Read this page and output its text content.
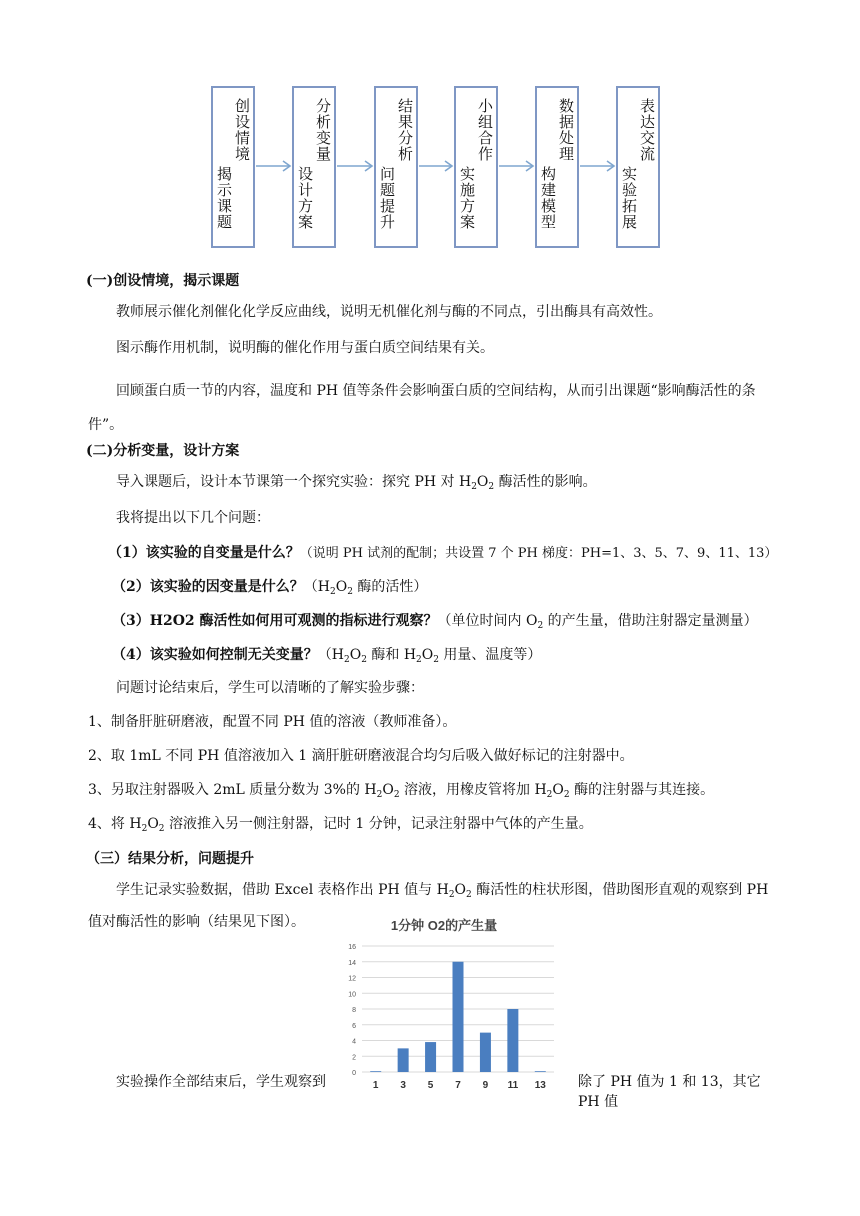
创设情境
揭示课题
分析变量
设计方案
结果分析
问题提升
小组合作
实施方案
数据处理
构建模型
表达交流
实验拓展
(一)创设情境，揭示课题
教师展示催化剂催化化学反应曲线，说明无机催化剂与酶的不同点，引出酶具有高效性。
图示酶作用机制，说明酶的催化作用与蛋白质空间结果有关。
回顾蛋白质一节的内容，温度和 PH 值等条件会影响蛋白质的空间结构，从而引出课题“影响酶活性的条件”。
(二)分析变量，设计方案
导入课题后，设计本节课第一个探究实验：探究 PH 对 $H_2O_2$ 酶活性的影响。
我将提出以下几个问题：
（1）该实验的自变量是什么？（说明 PH 试剂的配制；共设置 7 个 PH 梯度：PH=1、3、5、7、9、11、13）
（2）该实验的因变量是什么？（$H_2O_2$ 酶的活性）
（3）H2O2 酶活性如何用可观测的指标进行观察？（单位时间内 $O_2$ 的产生量，借助注射器定量测量）
（4）该实验如何控制无关变量？（$H_2O_2$ 酶和 $H_2O_2$ 用量、温度等）
问题讨论结束后，学生可以清晰的了解实验步骤：
1、制备肝脏研磨液，配置不同 PH 值的溶液（教师准备）。
2、取 1mL 不同 PH 值溶液加入 1 滴肝脏研磨液混合均匀后吸入做好标记的注射器中。
3、另取注射器吸入 2mL 质量分数为 3%的 $H_2O_2$ 溶液，用橡皮管将加 $H_2O_2$ 酶的注射器与其连接。
4、将 $H_2O_2$ 溶液推入另一侧注射器，记时 1 分钟，记录注射器中气体的产生量。
（三）结果分析，问题提升
学生记录实验数据，借助 Excel 表格作出 PH 值与 $H_2O_2$ 酶活性的柱状形图，借助图形直观的观察到 PH
值对酶活性的影响（结果见下图）。	1分钟 O2的产生量
0
2
4
6
8
10
12
14
16
1 3 5 7 9 11 13
实验操作全部结束后，学生观察到	除了 PH 值为 1 和 13，其它 PH 值
